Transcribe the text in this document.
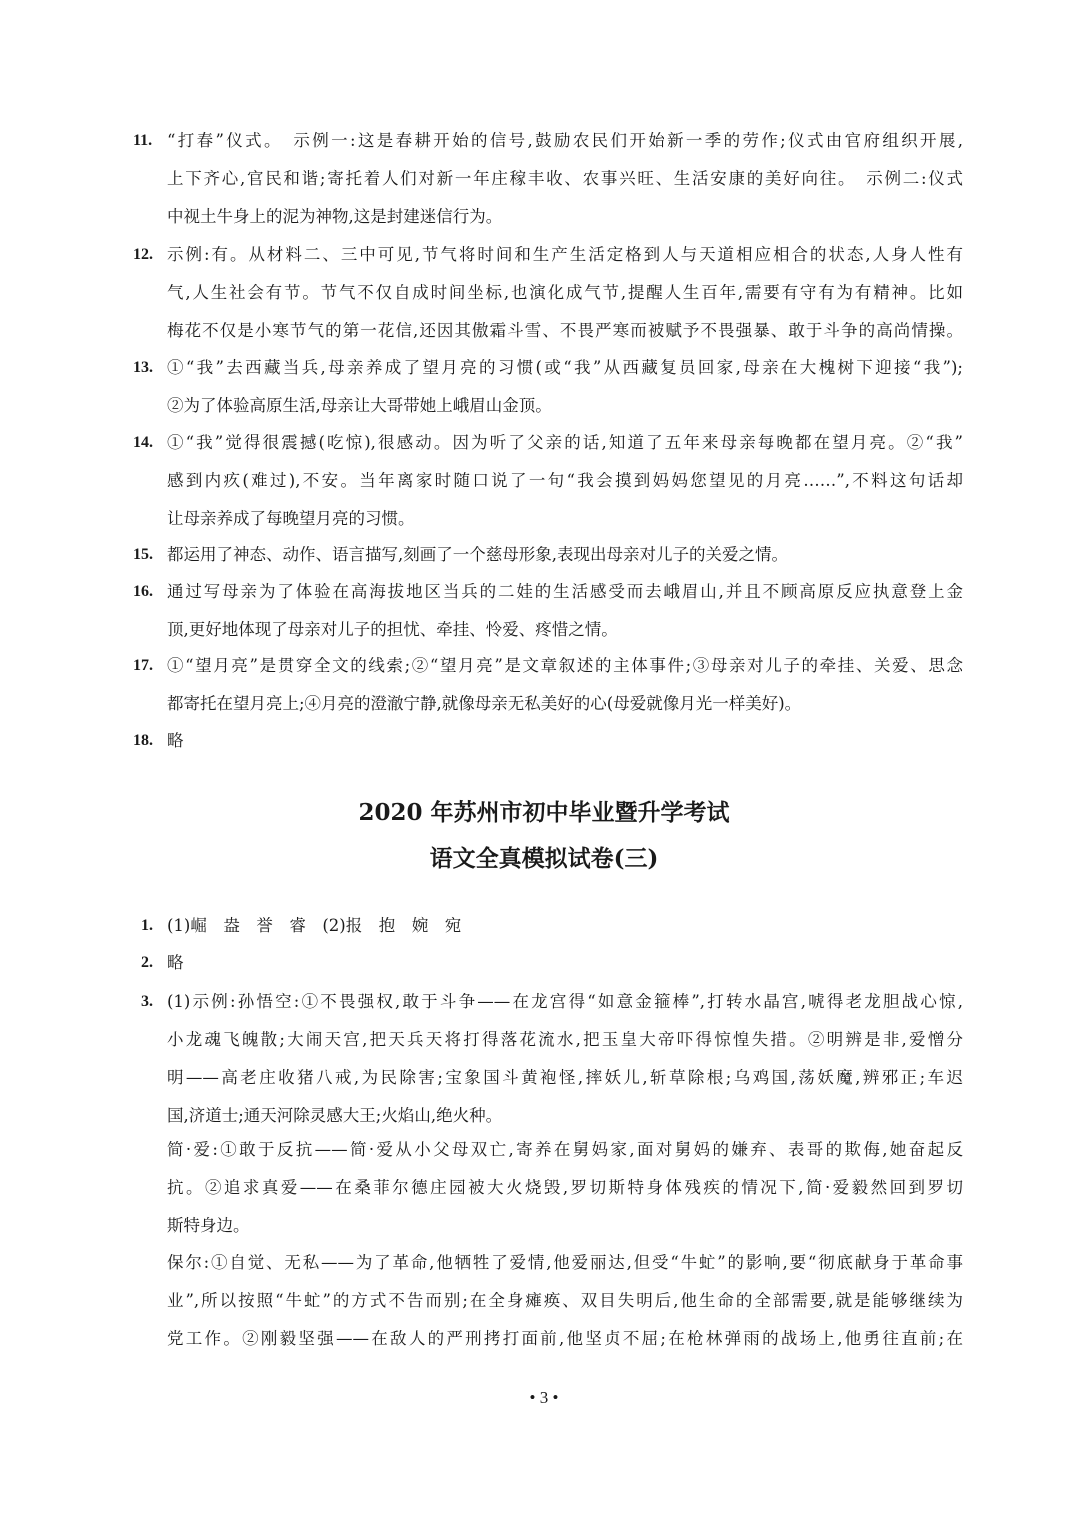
11. “打春”仪式。　示例一:这是春耕开始的信号,鼓励农民们开始新一季的劳作;仪式由官府组织开展,
上下齐心,官民和谐;寄托着人们对新一年庄稼丰收、农事兴旺、生活安康的美好向往。　示例二:仪式
中视土牛身上的泥为神物,这是封建迷信行为。
12. 示例:有。从材料二、三中可见,节气将时间和生产生活定格到人与天道相应相合的状态,人身人性有
气,人生社会有节。节气不仅自成时间坐标,也演化成气节,提醒人生百年,需要有守有为有精神。比如
梅花不仅是小寒节气的第一花信,还因其傲霜斗雪、不畏严寒而被赋予不畏强暴、敢于斗争的高尚情操。
13. ①“我”去西藏当兵,母亲养成了望月亮的习惯(或“我”从西藏复员回家,母亲在大槐树下迎接“我”);
②为了体验高原生活,母亲让大哥带她上峨眉山金顶。
14. ①“我”觉得很震撼(吃惊),很感动。因为听了父亲的话,知道了五年来母亲每晚都在望月亮。②“我”
感到内疚(难过),不安。当年离家时随口说了一句“我会摸到妈妈您望见的月亮……”,不料这句话却
让母亲养成了每晚望月亮的习惯。
15. 都运用了神态、动作、语言描写,刻画了一个慈母形象,表现出母亲对儿子的关爱之情。
16. 通过写母亲为了体验在高海拔地区当兵的二娃的生活感受而去峨眉山,并且不顾高原反应执意登上金
顶,更好地体现了母亲对儿子的担忧、牵挂、怜爱、疼惜之情。
17. ①“望月亮”是贯穿全文的线索;②“望月亮”是文章叙述的主体事件;③母亲对儿子的牵挂、关爱、思念
都寄托在望月亮上;④月亮的澄澈宁静,就像母亲无私美好的心(母爱就像月光一样美好)。
18. 略
2020 年苏州市初中毕业暨升学考试
语文全真模拟试卷(三)
1. (1)崛　盎　誉　睿　(2)报　抱　婉　宛
2. 略
3. (1)示例:孙悟空:①不畏强权,敢于斗争——在龙宫得“如意金箍棒”,打转水晶宫,唬得老龙胆战心惊,
小龙魂飞魄散;大闹天宫,把天兵天将打得落花流水,把玉皇大帝吓得惊惶失措。②明辨是非,爱憎分
明——高老庄收猪八戒,为民除害;宝象国斗黄袍怪,摔妖儿,斩草除根;乌鸡国,荡妖魔,辨邪正;车迟
国,济道士;通天河除灵感大王;火焰山,绝火种。
简·爱:①敢于反抗——简·爱从小父母双亡,寄养在舅妈家,面对舅妈的嫌弃、表哥的欺侮,她奋起反
抗。②追求真爱——在桑菲尔德庄园被大火烧毁,罗切斯特身体残疾的情况下,简·爱毅然回到罗切
斯特身边。
保尔:①自觉、无私——为了革命,他牺牲了爱情,他爱丽达,但受“牛虻”的影响,要“彻底献身于革命事
业”,所以按照“牛虻”的方式不告而别;在全身瘫痪、双目失明后,他生命的全部需要,就是能够继续为
党工作。②刚毅坚强——在敌人的严刑拷打面前,他坚贞不屈;在枪林弹雨的战场上,他勇往直前;在
• 3 •
